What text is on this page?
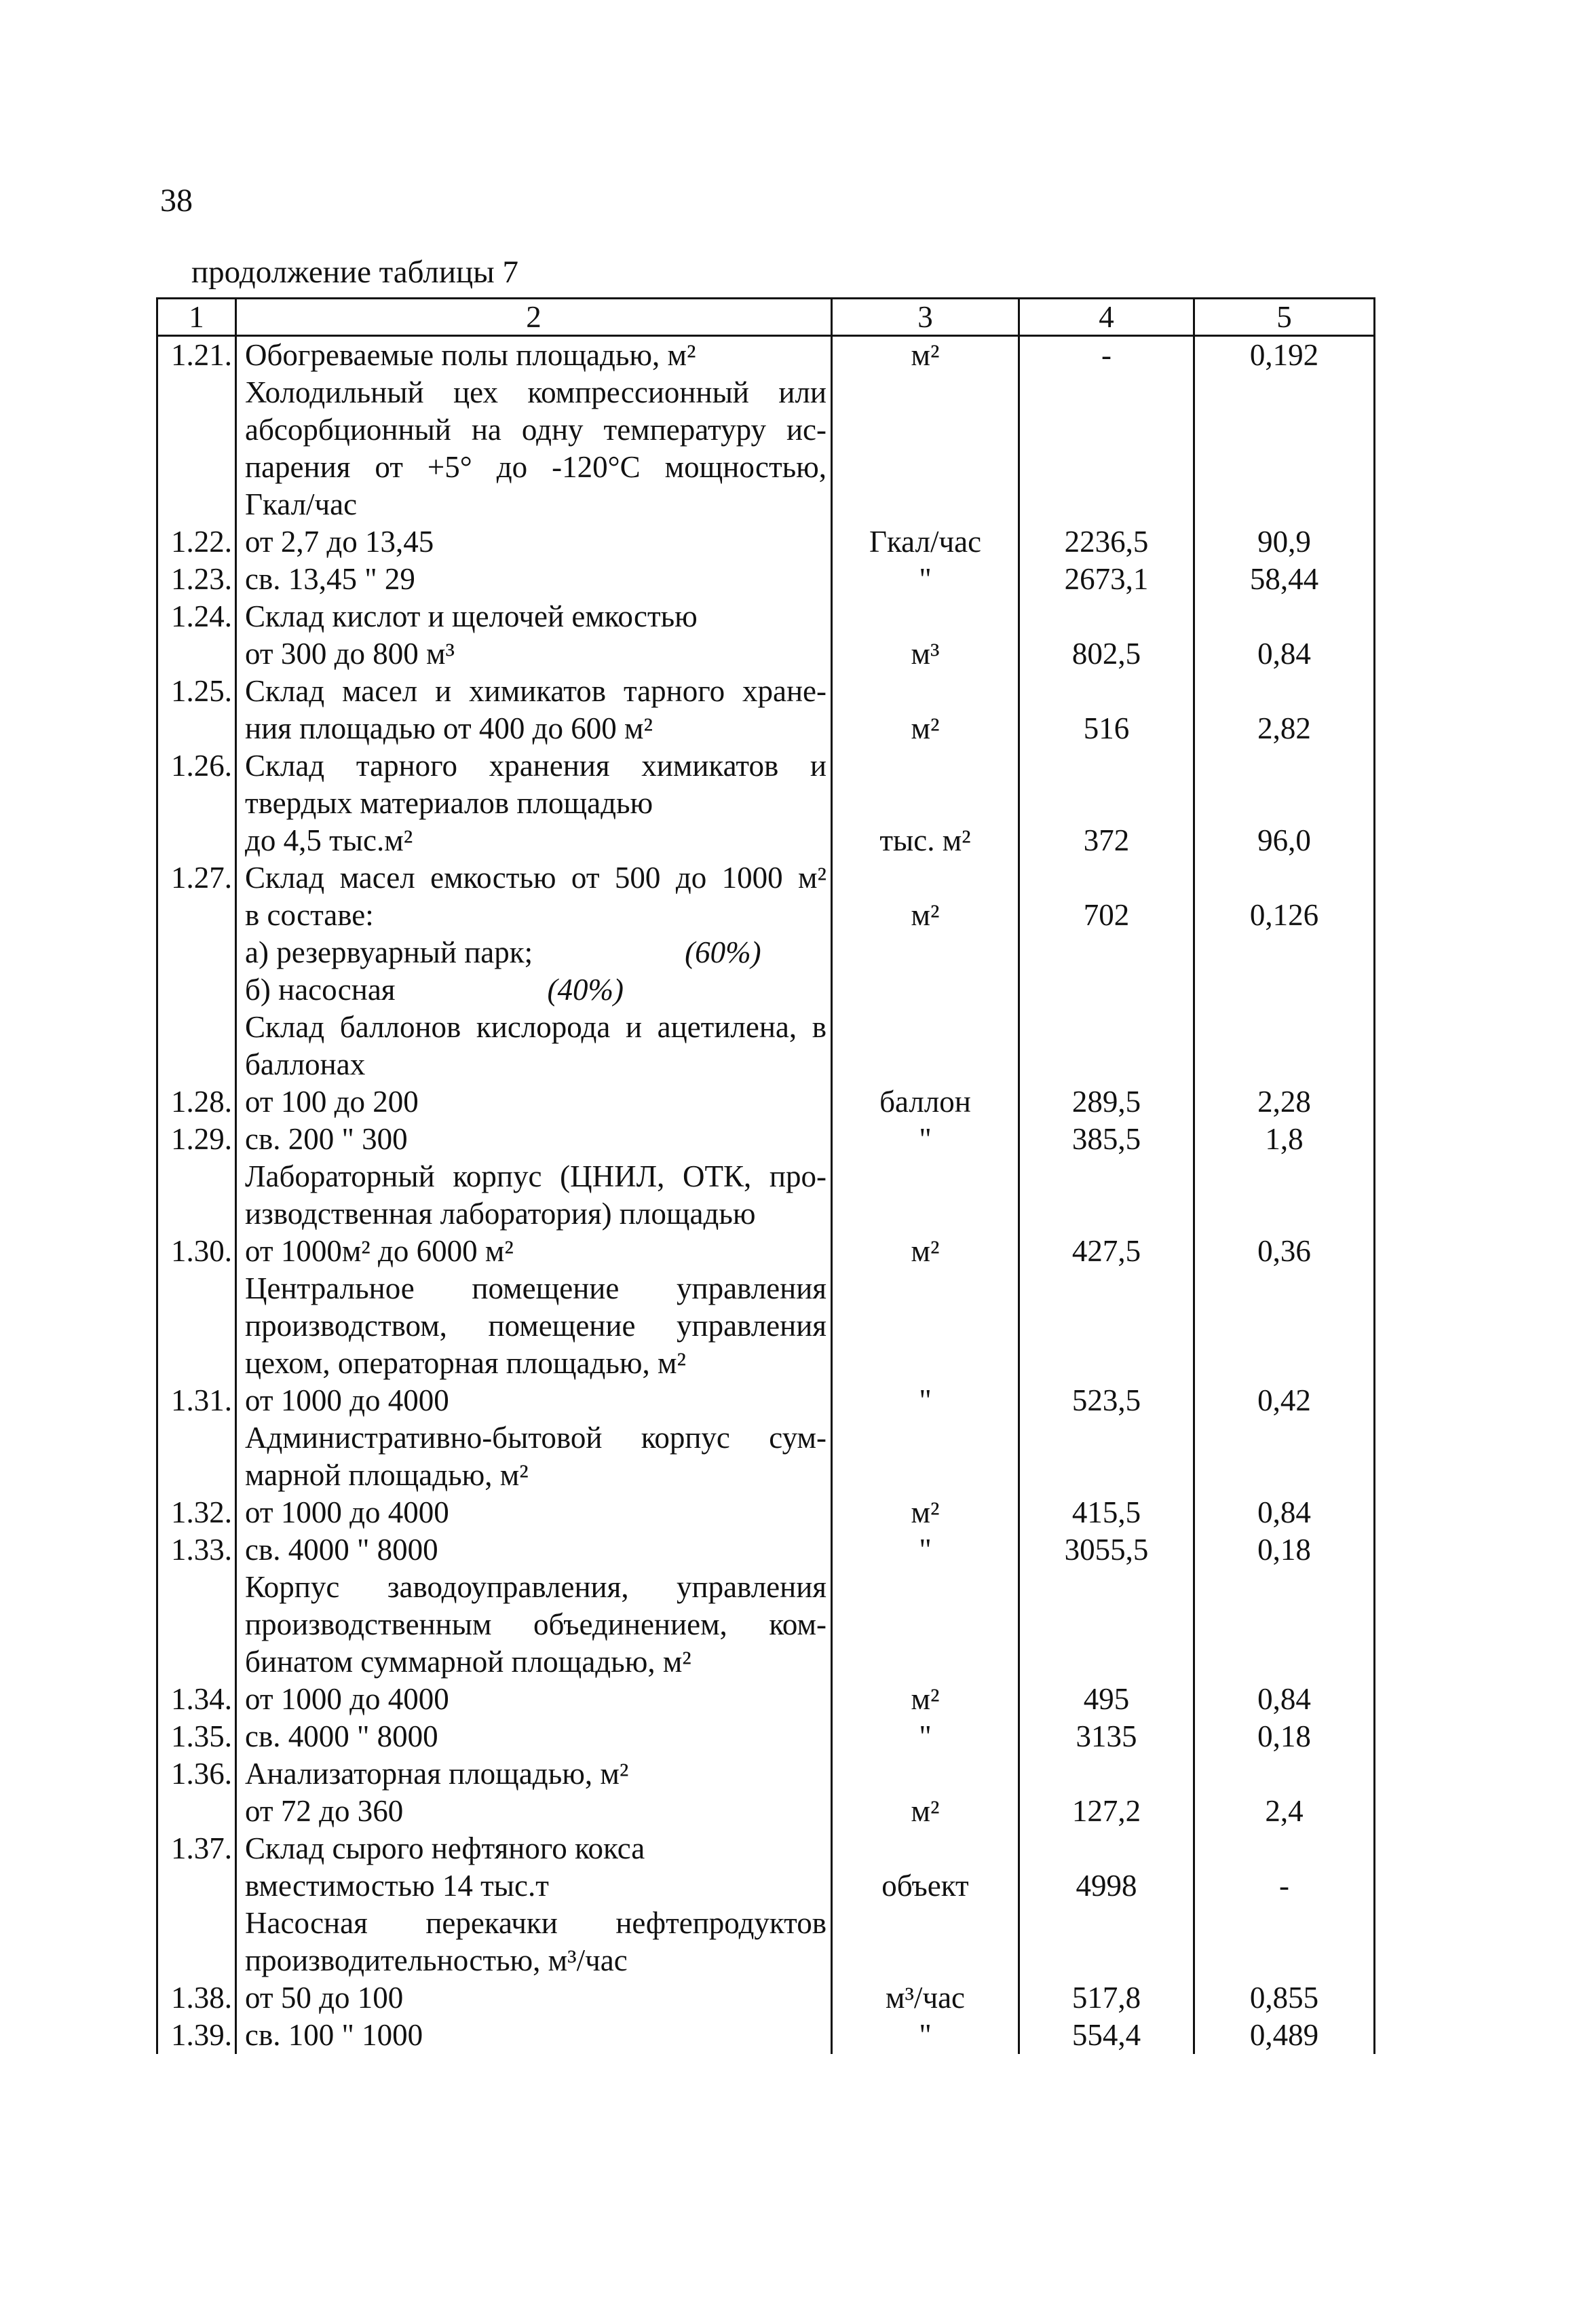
38
продолжение таблицы 7
1	2	3	4	5
1.21.	Обогреваемые полы площадью, м²	м²	-	0,192
	Холодильный цех компрессионный или			
	абсорбционный на одну температуру ис-			
	парения от +5° до -120°С мощностью,			
	Гкал/час			
1.22.	от 2,7 до 13,45	Гкал/час	2236,5	90,9
1.23.	св. 13,45 " 29	"	2673,1	58,44
1.24.	Склад кислот и щелочей емкостью			
	от 300 до 800 м³	м³	802,5	0,84
1.25.	Склад масел и химикатов тарного хране-			
	ния площадью от 400 до 600 м²	м²	516	2,82
1.26.	Склад тарного хранения химикатов и			
	твердых материалов площадью			
	до 4,5 тыс.м²	тыс. м²	372	96,0
1.27.	Склад масел емкостью от 500 до 1000 м²			
	в составе:	м²	702	0,126
	а) резервуарный парк; (60%)			
	б) насосная (40%)			
	Склад баллонов кислорода и ацетилена, в			
	баллонах			
1.28.	от 100 до 200	баллон	289,5	2,28
1.29.	св. 200 " 300	"	385,5	1,8
	Лабораторный корпус (ЦНИЛ, ОТК, про-			
	изводственная лаборатория) площадью			
1.30.	от 1000м² до 6000 м²	м²	427,5	0,36
	Центральное помещение управления			
	производством, помещение управления			
	цехом, операторная площадью, м²			
1.31.	от 1000 до 4000	"	523,5	0,42
	Административно-бытовой корпус сум-			
	марной площадью, м²			
1.32.	от 1000 до 4000	м²	415,5	0,84
1.33.	св. 4000 " 8000	"	3055,5	0,18
	Корпус заводоуправления, управления			
	производственным объединением, ком-			
	бинатом суммарной площадью, м²			
1.34.	от 1000 до 4000	м²	495	0,84
1.35.	св. 4000 " 8000	"	3135	0,18
1.36.	Анализаторная площадью, м²			
	от 72 до 360	м²	127,2	2,4
1.37.	Склад сырого нефтяного кокса			
	вместимостью 14 тыс.т	объект	4998	-
	Насосная перекачки нефтепродуктов			
	производительностью, м³/час			
1.38.	от 50 до 100	м³/час	517,8	0,855
1.39.	св. 100 " 1000	"	554,4	0,489
